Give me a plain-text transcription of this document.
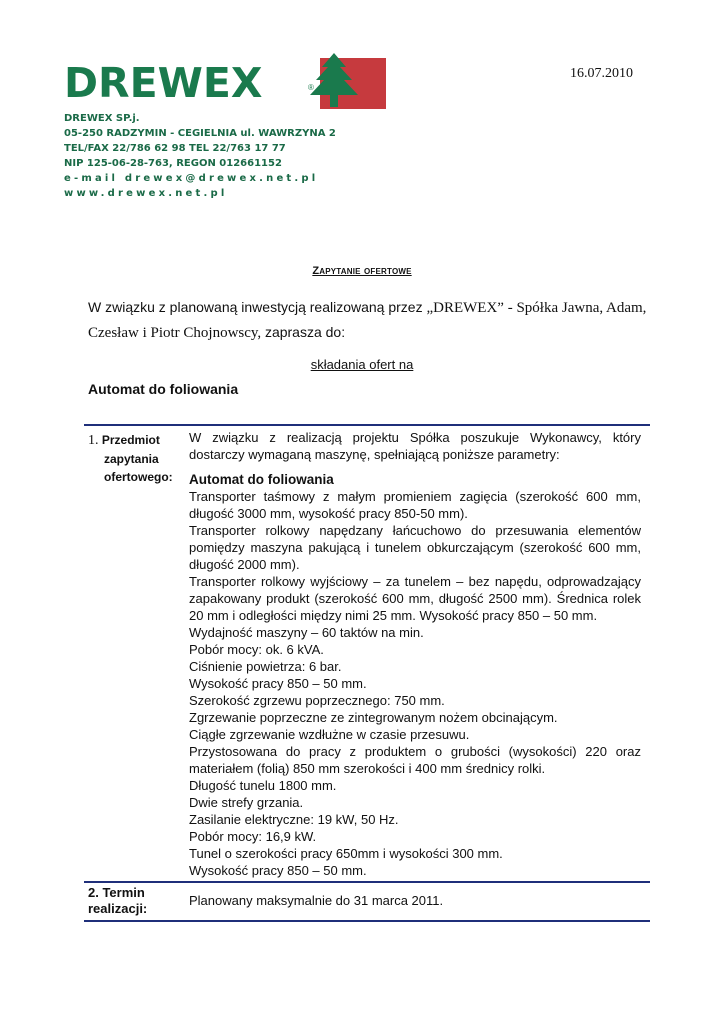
DREWEX	®
DREWEX SP.j.
05-250 RADZYMIN - CEGIELNIA ul. WAWRZYNA 2
TEL/FAX 22/786 62 98 TEL 22/763 17 77
NIP 125-06-28-763, REGON 012661152
e-mail drewex@drewex.net.pl
www.drewex.net.pl
16.07.2010
Zapytanie ofertowe
W związku z planowaną inwestycją realizowaną przez „DREWEX” - Spółka Jawna, Adam,
Czesław i Piotr Chojnowscy, zaprasza do:
składania ofert na
Automat do foliowania
1. Przedmiot
zapytania
ofertowego:

W związku z realizacją projektu Spółka poszukuje Wykonawcy, który dostarczy wymaganą maszynę, spełniającą poniższe parametry:

Automat do foliowania

Transporter taśmowy z małym promieniem zagięcia (szerokość 600 mm, długość 3000 mm, wysokość pracy 850-50 mm).
Transporter rolkowy napędzany łańcuchowo do przesuwania elementów pomiędzy maszyna pakującą i tunelem obkurczającym (szerokość 600 mm, długość 2000 mm).
Transporter rolkowy wyjściowy – za tunelem – bez napędu, odprowadzający zapakowany produkt (szerokość 600 mm, długość 2500 mm). Średnica rolek 20 mm i odległości między nimi 25 mm. Wysokość pracy 850 – 50 mm.
Wydajność maszyny – 60 taktów na min.
Pobór mocy: ok. 6 kVA.
Ciśnienie powietrza: 6 bar.
Wysokość pracy 850 – 50 mm.
Szerokość zgrzewu poprzecznego: 750 mm.
Zgrzewanie poprzeczne ze zintegrowanym nożem obcinającym.
Ciągłe zgrzewanie wzdłużne w czasie przesuwu.
Przystosowana do pracy z produktem o grubości (wysokości) 220 oraz materiałem (folią) 850 mm szerokości i 400 mm średnicy rolki.
Długość tunelu 1800 mm.
Dwie strefy grzania.
Zasilanie elektryczne: 19 kW, 50 Hz.
Pobór mocy: 16,9 kW.
Tunel o szerokości pracy 650mm i wysokości 300 mm.
Wysokość pracy 850 – 50 mm.
2. Termin
realizacji:
Planowany maksymalnie do 31 marca 2011.
